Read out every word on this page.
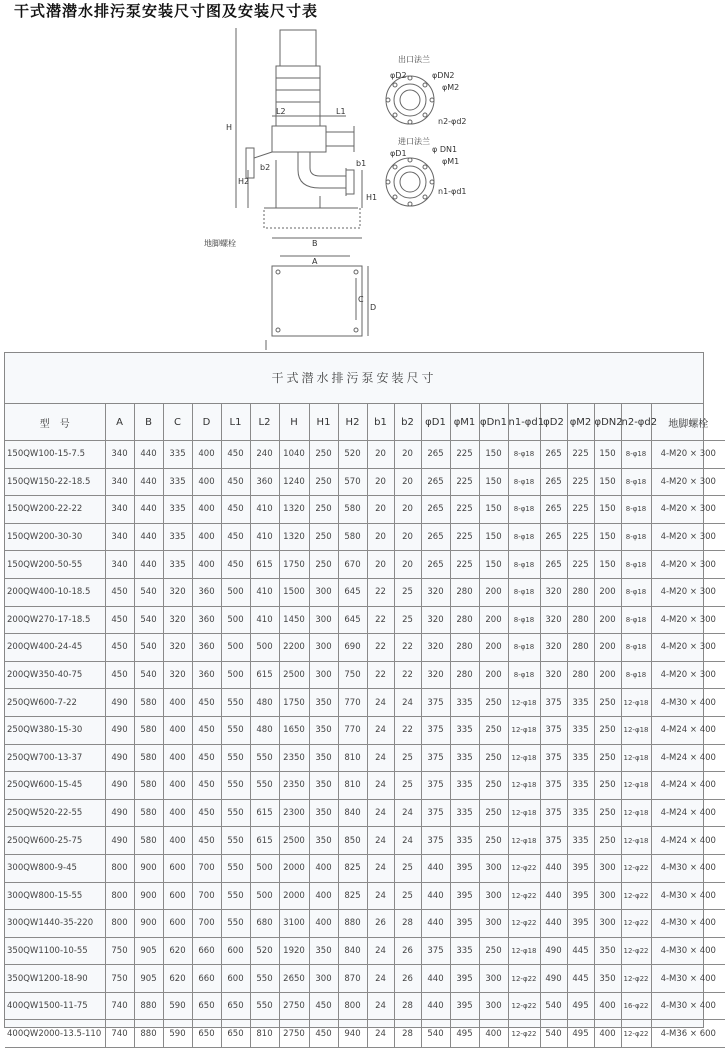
干式潜潜水排污泵安装尺寸图及安装尺寸表
出口法兰
φD2	φDN2
φM2
n2-φd2
进口法兰
φD1	φ DN1
φM1
n1-φd1
H
L2	L1
H2
H1
b2	b1
B
A
C
D
地脚螺栓
干式潜水排污泵安装尺寸
型　号	A	B	C	D	L1	L2	H	H1	H2	b1	b2	φD1	φM1	φDn1	n1-φd1	φD2	φM2	φDN2	n2-φd2	地脚螺栓
150QW100-15-7.5	340	440	335	400	450	240	1040	250	520	20	20	265	225	150	8-φ18	265	225	150	8-φ18	4-M20 × 300
150QW150-22-18.5	340	440	335	400	450	360	1240	250	570	20	20	265	225	150	8-φ18	265	225	150	8-φ18	4-M20 × 300
150QW200-22-22	340	440	335	400	450	410	1320	250	580	20	20	265	225	150	8-φ18	265	225	150	8-φ18	4-M20 × 300
150QW200-30-30	340	440	335	400	450	410	1320	250	580	20	20	265	225	150	8-φ18	265	225	150	8-φ18	4-M20 × 300
150QW200-50-55	340	440	335	400	450	615	1750	250	670	20	20	265	225	150	8-φ18	265	225	150	8-φ18	4-M20 × 300
200QW400-10-18.5	450	540	320	360	500	410	1500	300	645	22	25	320	280	200	8-φ18	320	280	200	8-φ18	4-M20 × 300
200QW270-17-18.5	450	540	320	360	500	410	1450	300	645	22	25	320	280	200	8-φ18	320	280	200	8-φ18	4-M20 × 300
200QW400-24-45	450	540	320	360	500	500	2200	300	690	22	22	320	280	200	8-φ18	320	280	200	8-φ18	4-M20 × 300
200QW350-40-75	450	540	320	360	500	615	2500	300	750	22	22	320	280	200	8-φ18	320	280	200	8-φ18	4-M20 × 300
250QW600-7-22	490	580	400	450	550	480	1750	350	770	24	24	375	335	250	12-φ18	375	335	250	12-φ18	4-M30 × 400
250QW380-15-30	490	580	400	450	550	480	1650	350	770	24	22	375	335	250	12-φ18	375	335	250	12-φ18	4-M24 × 400
250QW700-13-37	490	580	400	450	550	550	2350	350	810	24	25	375	335	250	12-φ18	375	335	250	12-φ18	4-M24 × 400
250QW600-15-45	490	580	400	450	550	550	2350	350	810	24	25	375	335	250	12-φ18	375	335	250	12-φ18	4-M24 × 400
250QW520-22-55	490	580	400	450	550	615	2300	350	840	24	24	375	335	250	12-φ18	375	335	250	12-φ18	4-M24 × 400
250QW600-25-75	490	580	400	450	550	615	2500	350	850	24	24	375	335	250	12-φ18	375	335	250	12-φ18	4-M24 × 400
300QW800-9-45	800	900	600	700	550	500	2000	400	825	24	25	440	395	300	12-φ22	440	395	300	12-φ22	4-M30 × 400
300QW800-15-55	800	900	600	700	550	500	2000	400	825	24	25	440	395	300	12-φ22	440	395	300	12-φ22	4-M30 × 400
300QW1440-35-220	800	900	600	700	550	680	3100	400	880	26	28	440	395	300	12-φ22	440	395	300	12-φ22	4-M30 × 400
350QW1100-10-55	750	905	620	660	600	520	1920	350	840	24	26	375	335	250	12-φ18	490	445	350	12-φ22	4-M30 × 400
350QW1200-18-90	750	905	620	660	600	550	2650	300	870	24	26	440	395	300	12-φ22	490	445	350	12-φ22	4-M30 × 400
400QW1500-11-75	740	880	590	650	650	550	2750	450	800	24	28	440	395	300	12-φ22	540	495	400	16-φ22	4-M30 × 400
400QW2000-13.5-110	740	880	590	650	650	810	2750	450	940	24	28	540	495	400	12-φ22	540	495	400	12-φ22	4-M36 × 600
